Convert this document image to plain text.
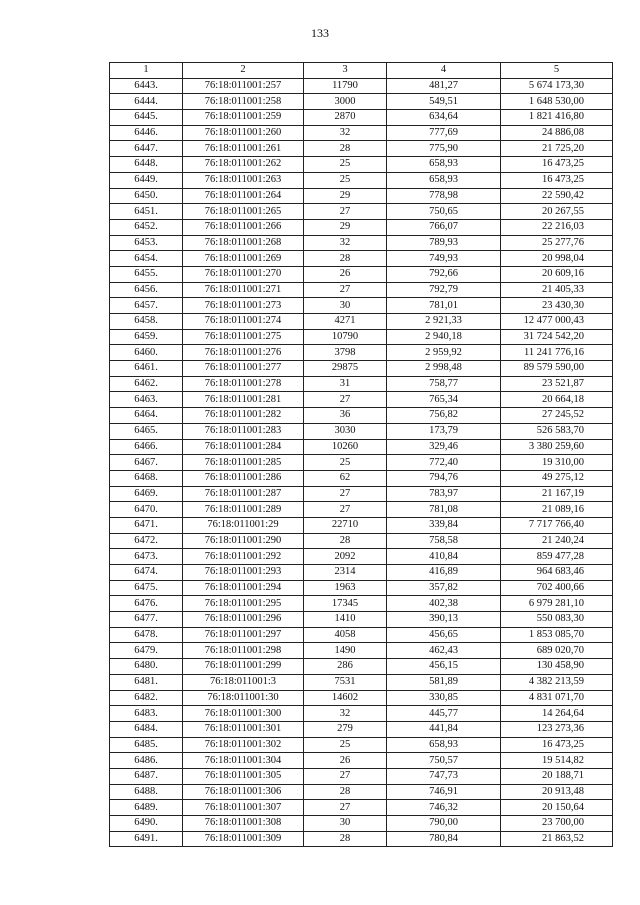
133
1	2	3	4	5
6443.	76:18:011001:257	11790	481,27	5 674 173,30
6444.	76:18:011001:258	3000	549,51	1 648 530,00
6445.	76:18:011001:259	2870	634,64	1 821 416,80
6446.	76:18:011001:260	32	777,69	24 886,08
6447.	76:18:011001:261	28	775,90	21 725,20
6448.	76:18:011001:262	25	658,93	16 473,25
6449.	76:18:011001:263	25	658,93	16 473,25
6450.	76:18:011001:264	29	778,98	22 590,42
6451.	76:18:011001:265	27	750,65	20 267,55
6452.	76:18:011001:266	29	766,07	22 216,03
6453.	76:18:011001:268	32	789,93	25 277,76
6454.	76:18:011001:269	28	749,93	20 998,04
6455.	76:18:011001:270	26	792,66	20 609,16
6456.	76:18:011001:271	27	792,79	21 405,33
6457.	76:18:011001:273	30	781,01	23 430,30
6458.	76:18:011001:274	4271	2 921,33	12 477 000,43
6459.	76:18:011001:275	10790	2 940,18	31 724 542,20
6460.	76:18:011001:276	3798	2 959,92	11 241 776,16
6461.	76:18:011001:277	29875	2 998,48	89 579 590,00
6462.	76:18:011001:278	31	758,77	23 521,87
6463.	76:18:011001:281	27	765,34	20 664,18
6464.	76:18:011001:282	36	756,82	27 245,52
6465.	76:18:011001:283	3030	173,79	526 583,70
6466.	76:18:011001:284	10260	329,46	3 380 259,60
6467.	76:18:011001:285	25	772,40	19 310,00
6468.	76:18:011001:286	62	794,76	49 275,12
6469.	76:18:011001:287	27	783,97	21 167,19
6470.	76:18:011001:289	27	781,08	21 089,16
6471.	76:18:011001:29	22710	339,84	7 717 766,40
6472.	76:18:011001:290	28	758,58	21 240,24
6473.	76:18:011001:292	2092	410,84	859 477,28
6474.	76:18:011001:293	2314	416,89	964 683,46
6475.	76:18:011001:294	1963	357,82	702 400,66
6476.	76:18:011001:295	17345	402,38	6 979 281,10
6477.	76:18:011001:296	1410	390,13	550 083,30
6478.	76:18:011001:297	4058	456,65	1 853 085,70
6479.	76:18:011001:298	1490	462,43	689 020,70
6480.	76:18:011001:299	286	456,15	130 458,90
6481.	76:18:011001:3	7531	581,89	4 382 213,59
6482.	76:18:011001:30	14602	330,85	4 831 071,70
6483.	76:18:011001:300	32	445,77	14 264,64
6484.	76:18:011001:301	279	441,84	123 273,36
6485.	76:18:011001:302	25	658,93	16 473,25
6486.	76:18:011001:304	26	750,57	19 514,82
6487.	76:18:011001:305	27	747,73	20 188,71
6488.	76:18:011001:306	28	746,91	20 913,48
6489.	76:18:011001:307	27	746,32	20 150,64
6490.	76:18:011001:308	30	790,00	23 700,00
6491.	76:18:011001:309	28	780,84	21 863,52
